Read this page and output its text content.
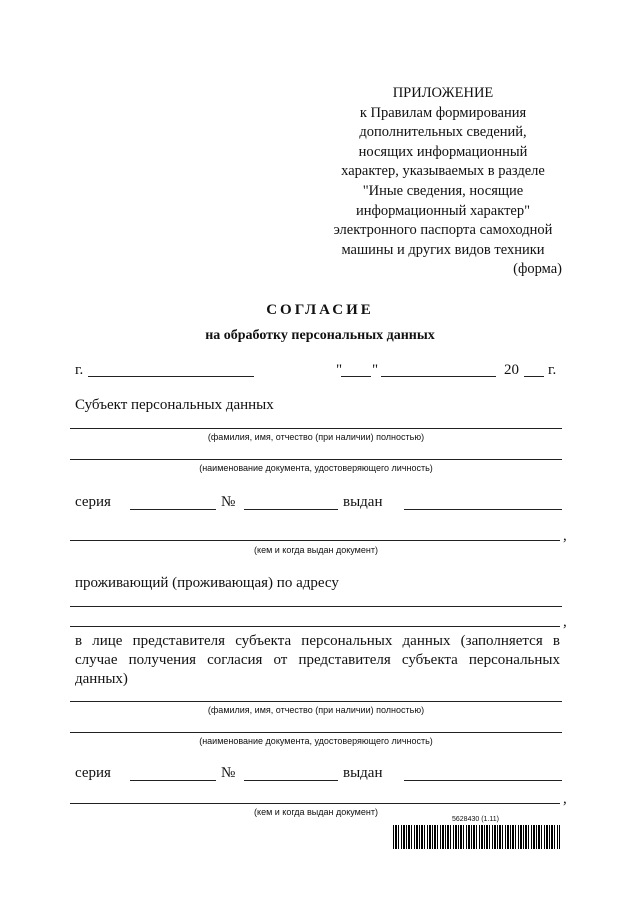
ПРИЛОЖЕНИЕ
к Правилам формирования
дополнительных сведений,
носящих информационный
характер, указываемых в разделе
"Иные сведения, носящие
информационный характер"
электронного паспорта самоходной
машины и других видов техники
(форма)
СОГЛАСИЕ
на обработку персональных данных
г.	" "	20 г.
Субъект персональных данных
(фамилия, имя, отчество (при наличии) полностью)
(наименование документа, удостоверяющего личность)
серия	№	выдан
,
(кем и когда выдан документ)
проживающий (проживающая) по адресу
,
в лице представителя субъекта персональных данных (заполняется в случае получения согласия от представителя субъекта персональных данных)
(фамилия, имя, отчество (при наличии) полностью)
(наименование документа, удостоверяющего личность)
серия	№	выдан
,
(кем и когда выдан документ)
5628430 (1.11)
